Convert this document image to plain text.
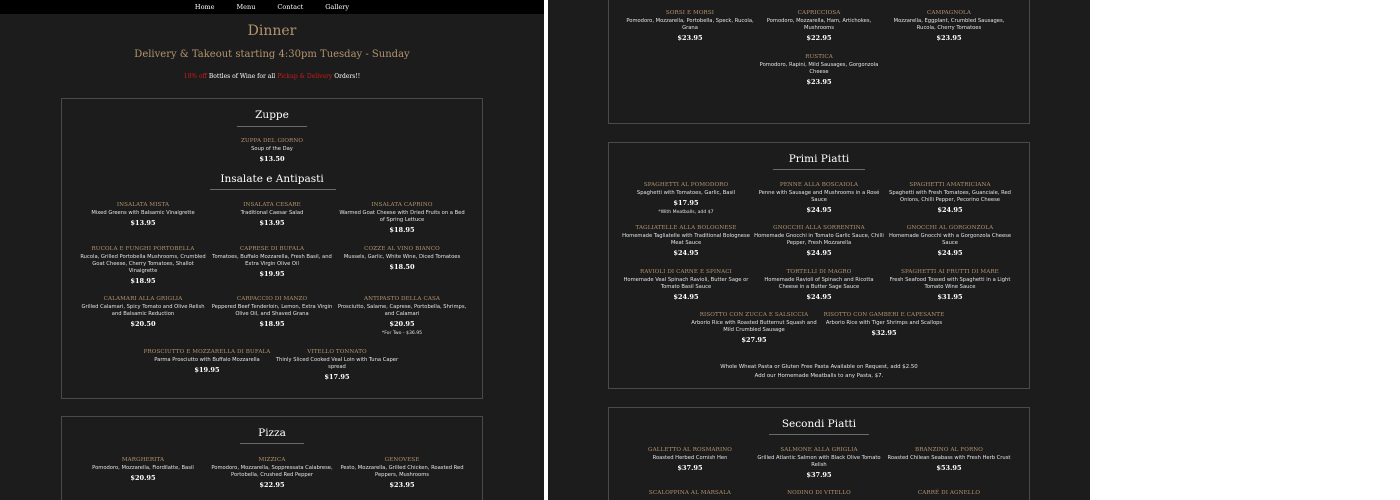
Home	Menu	Contact	Gallery
Dinner
Delivery & Takeout starting 4:30pm Tuesday - Sunday
10% off Bottles of Wine for all Pickup & Delivery Orders!!
Zuppe
ZUPPA DEL GIORNO
Soup of the Day
$13.50
Insalate e Antipasti
INSALATA MISTA
Mixed Greens with Balsamic Vinaigrette
$13.95
INSALATA CESARE
Traditional Caesar Salad
$13.95
INSALATA CAPRINO
Warmed Goat Cheese with Dried Fruits on a Bed of Spring Lettuce
$18.95
RUCOLA E FUNGHI PORTOBELLA
Rucola, Grilled Portobella Mushrooms, Crumbled Goat Cheese, Cherry Tomatoes, Shallot Vinaigrette
$18.95
CAPRESE DI BUFALA
Tomatoes, Buffalo Mozzarella, Fresh Basil, and Extra Virgin Olive Oil
$19.95
COZZE AL VINO BIANCO
Mussels, Garlic, White Wine, Diced Tomatoes
$18.50
CALAMARI ALLA GRIGLIA
Grilled Calamari, Spicy Tomato and Olive Relish and Balsamic Reduction
$20.50
CARPACCIO DI MANZO
Peppered Beef Tenderloin, Lemon, Extra Virgin Olive Oil, and Shaved Grana
$18.95
ANTIPASTO DELLA CASA
Prosciutto, Salame, Caprese, Portobella, Shrimps, and Calamari
$20.95
*For Two - $36.95
PROSCIUTTO E MOZZARELLA DI BUFALA
Parma Prosciutto with Buffalo Mozzarella
$19.95
VITELLO TONNATO
Thinly Sliced Cooked Veal Loin with Tuna Caper spread
$17.95
Pizza
MARGHERITA
Pomodoro, Mozzarella, Fiordilatte, Basil
$20.95
MIZZICA
Pomodoro, Mozzarella, Soppressata Calabrese, Portobella, Crushed Red Pepper
$22.95
GENOVESE
Pesto, Mozzarella, Grilled Chicken, Roasted Red Peppers, Mushrooms
$23.95
SORSI E MORSI
Pomodoro, Mozzarella, Portobella, Speck, Rucola, Grana
$23.95
CAPRICCIOSA
Pomodoro, Mozzarella, Ham, Artichokes, Mushrooms
$22.95
CAMPAGNOLA
Mozzarella, Eggplant, Crumbled Sausages, Rucola, Cherry Tomatoes
$23.95
RUSTICA
Pomodoro, Rapini, Mild Sausages, Gorgonzola Cheese
$23.95
Primi Piatti
SPAGHETTI AL POMODORO
Spaghetti with Tomatoes, Garlic, Basil
$17.95
*With Meatballs, add $7
PENNE ALLA BOSCAIOLA
Penne with Sausage and Mushrooms in a Rosé Sauce
$24.95
SPAGHETTI AMATRICIANA
Spaghetti with Fresh Tomatoes, Guanciale, Red Onions, Chilli Pepper, Pecorino Cheese
$24.95
TAGLIATELLE ALLA BOLOGNESE
Homemade Tagliatelle with Traditional Bolognese Meat Sauce
$24.95
GNOCCHI ALLA SORRENTINA
Homemade Gnocchi in Tomato Garlic Sauce, Chilli Pepper, Fresh Mozzarella
$24.95
GNOCCHI AL GORGONZOLA
Homemade Gnocchi with a Gorgonzola Cheese Sauce
$24.95
RAVIOLI DI CARNE E SPINACI
Homemade Veal Spinach Ravioli, Butter Sage or Tomato Basil Sauce
$24.95
TORTELLI DI MAGRO
Homemade Ravioli of Spinach and Ricotta Cheese in a Butter Sage Sauce
$24.95
SPAGHETTI AI FRUTTI DI MARE
Fresh Seafood Tossed with Spaghetti in a Light Tomato Wine Sauce
$31.95
RISOTTO CON ZUCCA E SALSICCIA
Arborio Rice with Roasted Butternut Squash and Mild Crumbled Sausage
$27.95
RISOTTO CON GAMBERI E CAPESANTE
Arborio Rice with Tiger Shrimps and Scallops
$32.95
Whole Wheat Pasta or Gluten Free Pasta Available on Request, add $2.50
Add our Homemade Meatballs to any Pasta, $7.
Secondi Piatti
GALLETTO AL ROSMARINO
Roasted Herbed Cornish Hen
$37.95
SALMONE ALLA GRIGLIA
Grilled Atlantic Salmon with Black Olive Tomato Relish
$37.95
BRANZINO AL FORNO
Roasted Chilean Seabass with Fresh Herb Crust
$53.95
SCALOPPINA AL MARSALA	NODINO DI VITELLO	CARRÉ DI AGNELLO
